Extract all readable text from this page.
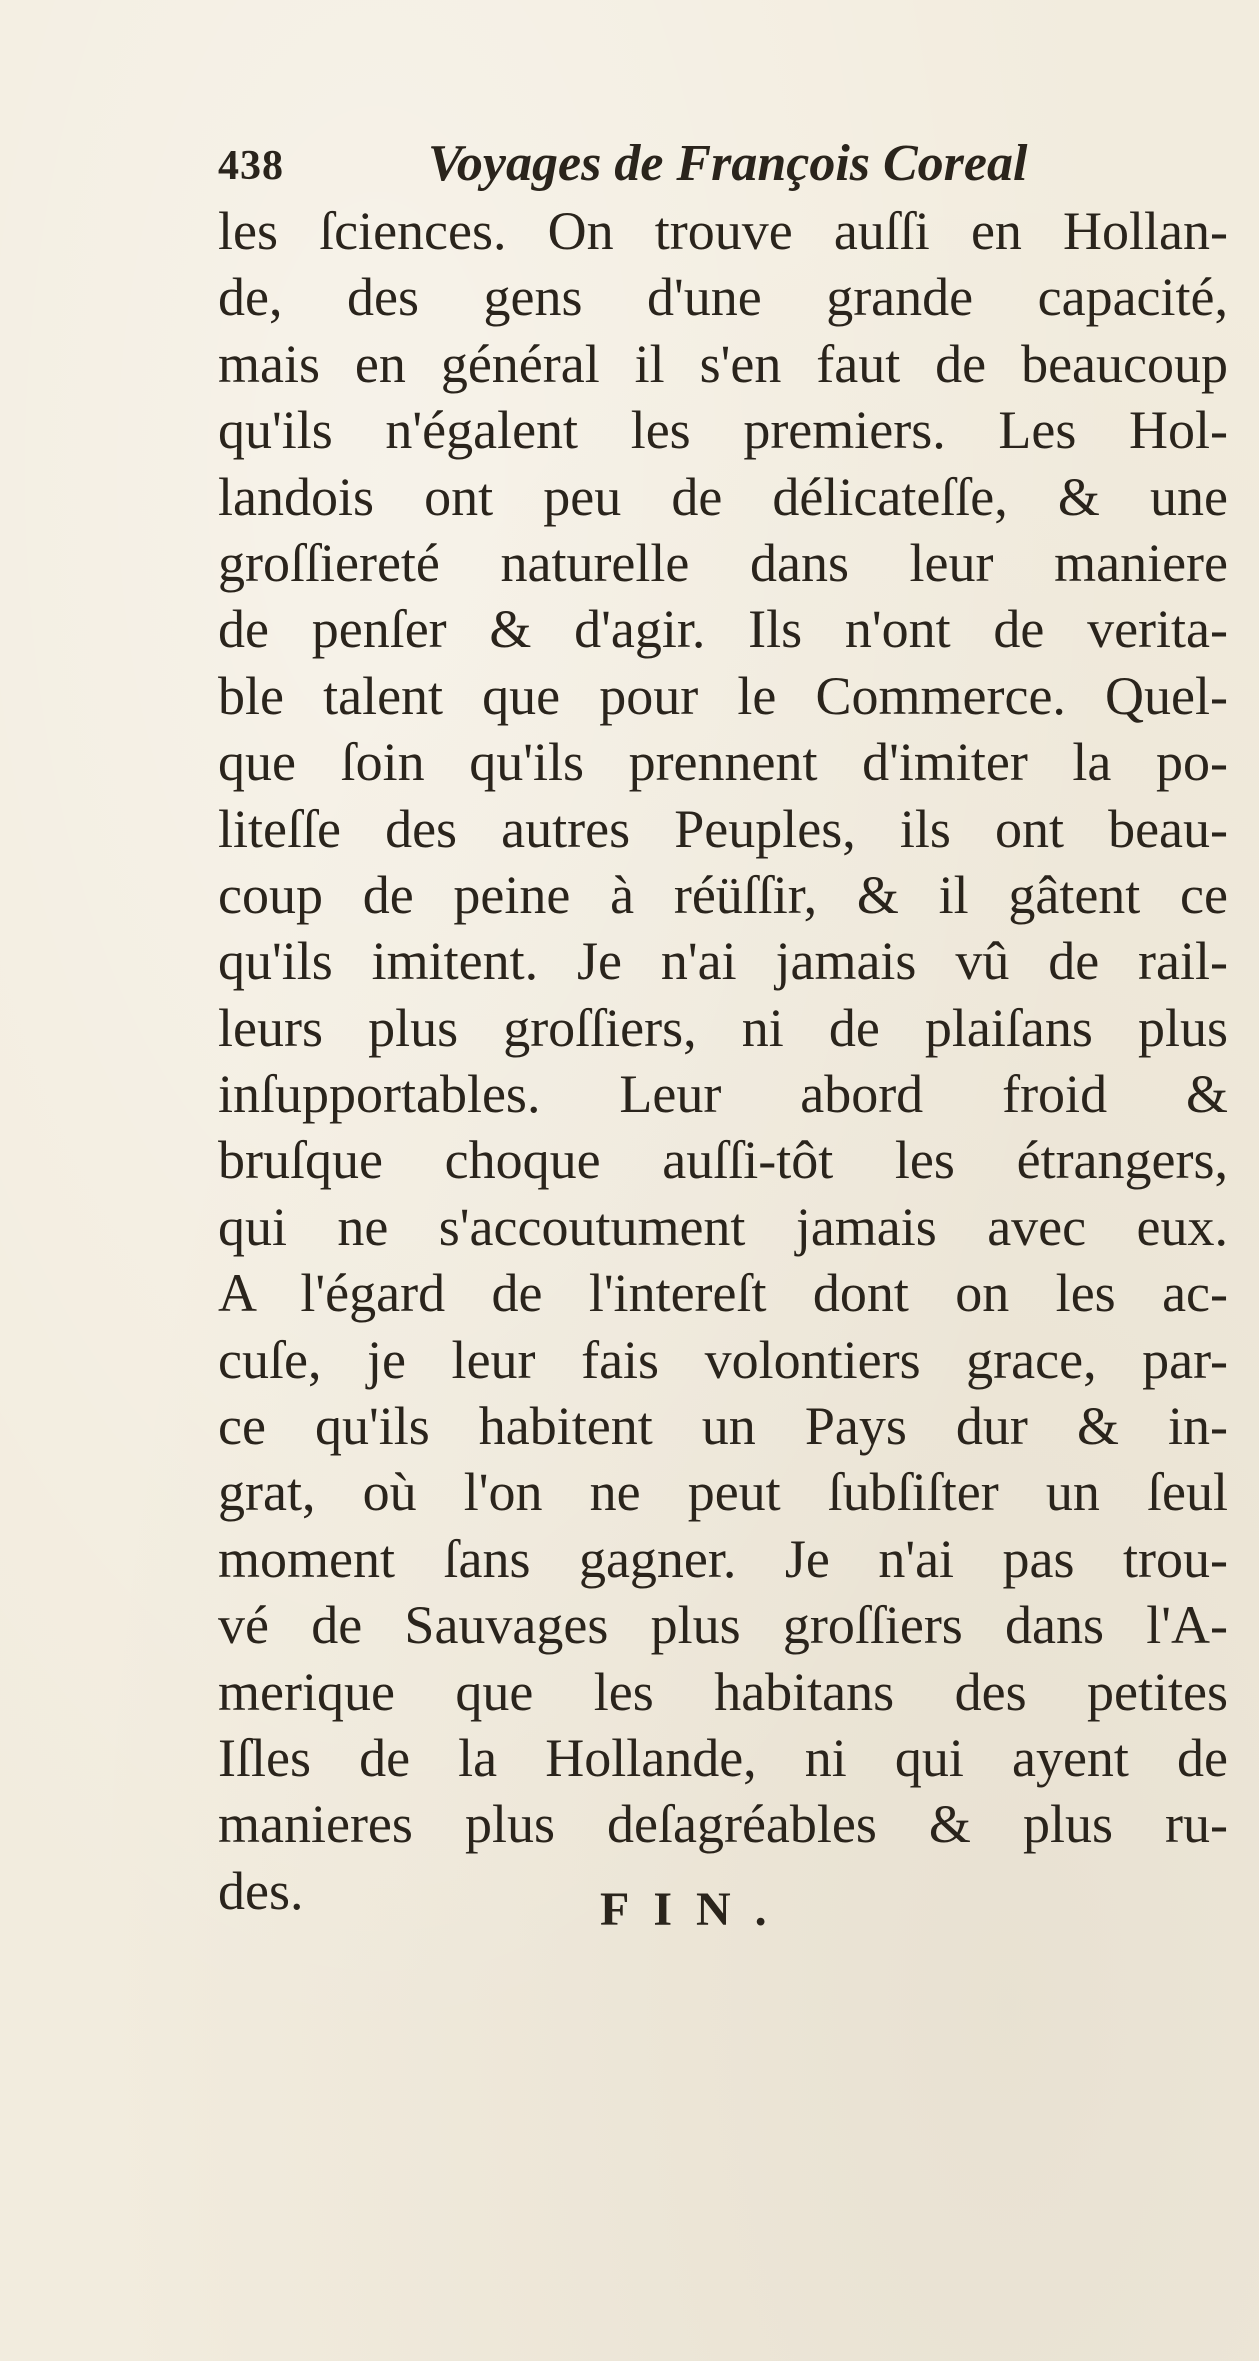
438	Voyages de François Coreal
les ſciences. On trouve auſſi en Hollan-
de, des gens d'une grande capacité,
mais en général il s'en faut de beaucoup
qu'ils n'égalent les premiers. Les Hol-
landois ont peu de délicateſſe, & une
groſſiereté naturelle dans leur maniere
de penſer & d'agir. Ils n'ont de verita-
ble talent que pour le Commerce. Quel-
que ſoin qu'ils prennent d'imiter la po-
liteſſe des autres Peuples, ils ont beau-
coup de peine à réüſſir, & il gâtent ce
qu'ils imitent. Je n'ai jamais vû de rail-
leurs plus groſſiers, ni de plaiſans plus
inſupportables. Leur abord froid &
bruſque choque auſſi-tôt les étrangers,
qui ne s'accoutument jamais avec eux.
A l'égard de l'intereſt dont on les ac-
cuſe, je leur fais volontiers grace, par-
ce qu'ils habitent un Pays dur & in-
grat, où l'on ne peut ſubſiſter un ſeul
moment ſans gagner. Je n'ai pas trou-
vé de Sauvages plus groſſiers dans l'A-
merique que les habitans des petites
Iſles de la Hollande, ni qui ayent de
manieres plus deſagréables & plus ru-
des.	FIN.
